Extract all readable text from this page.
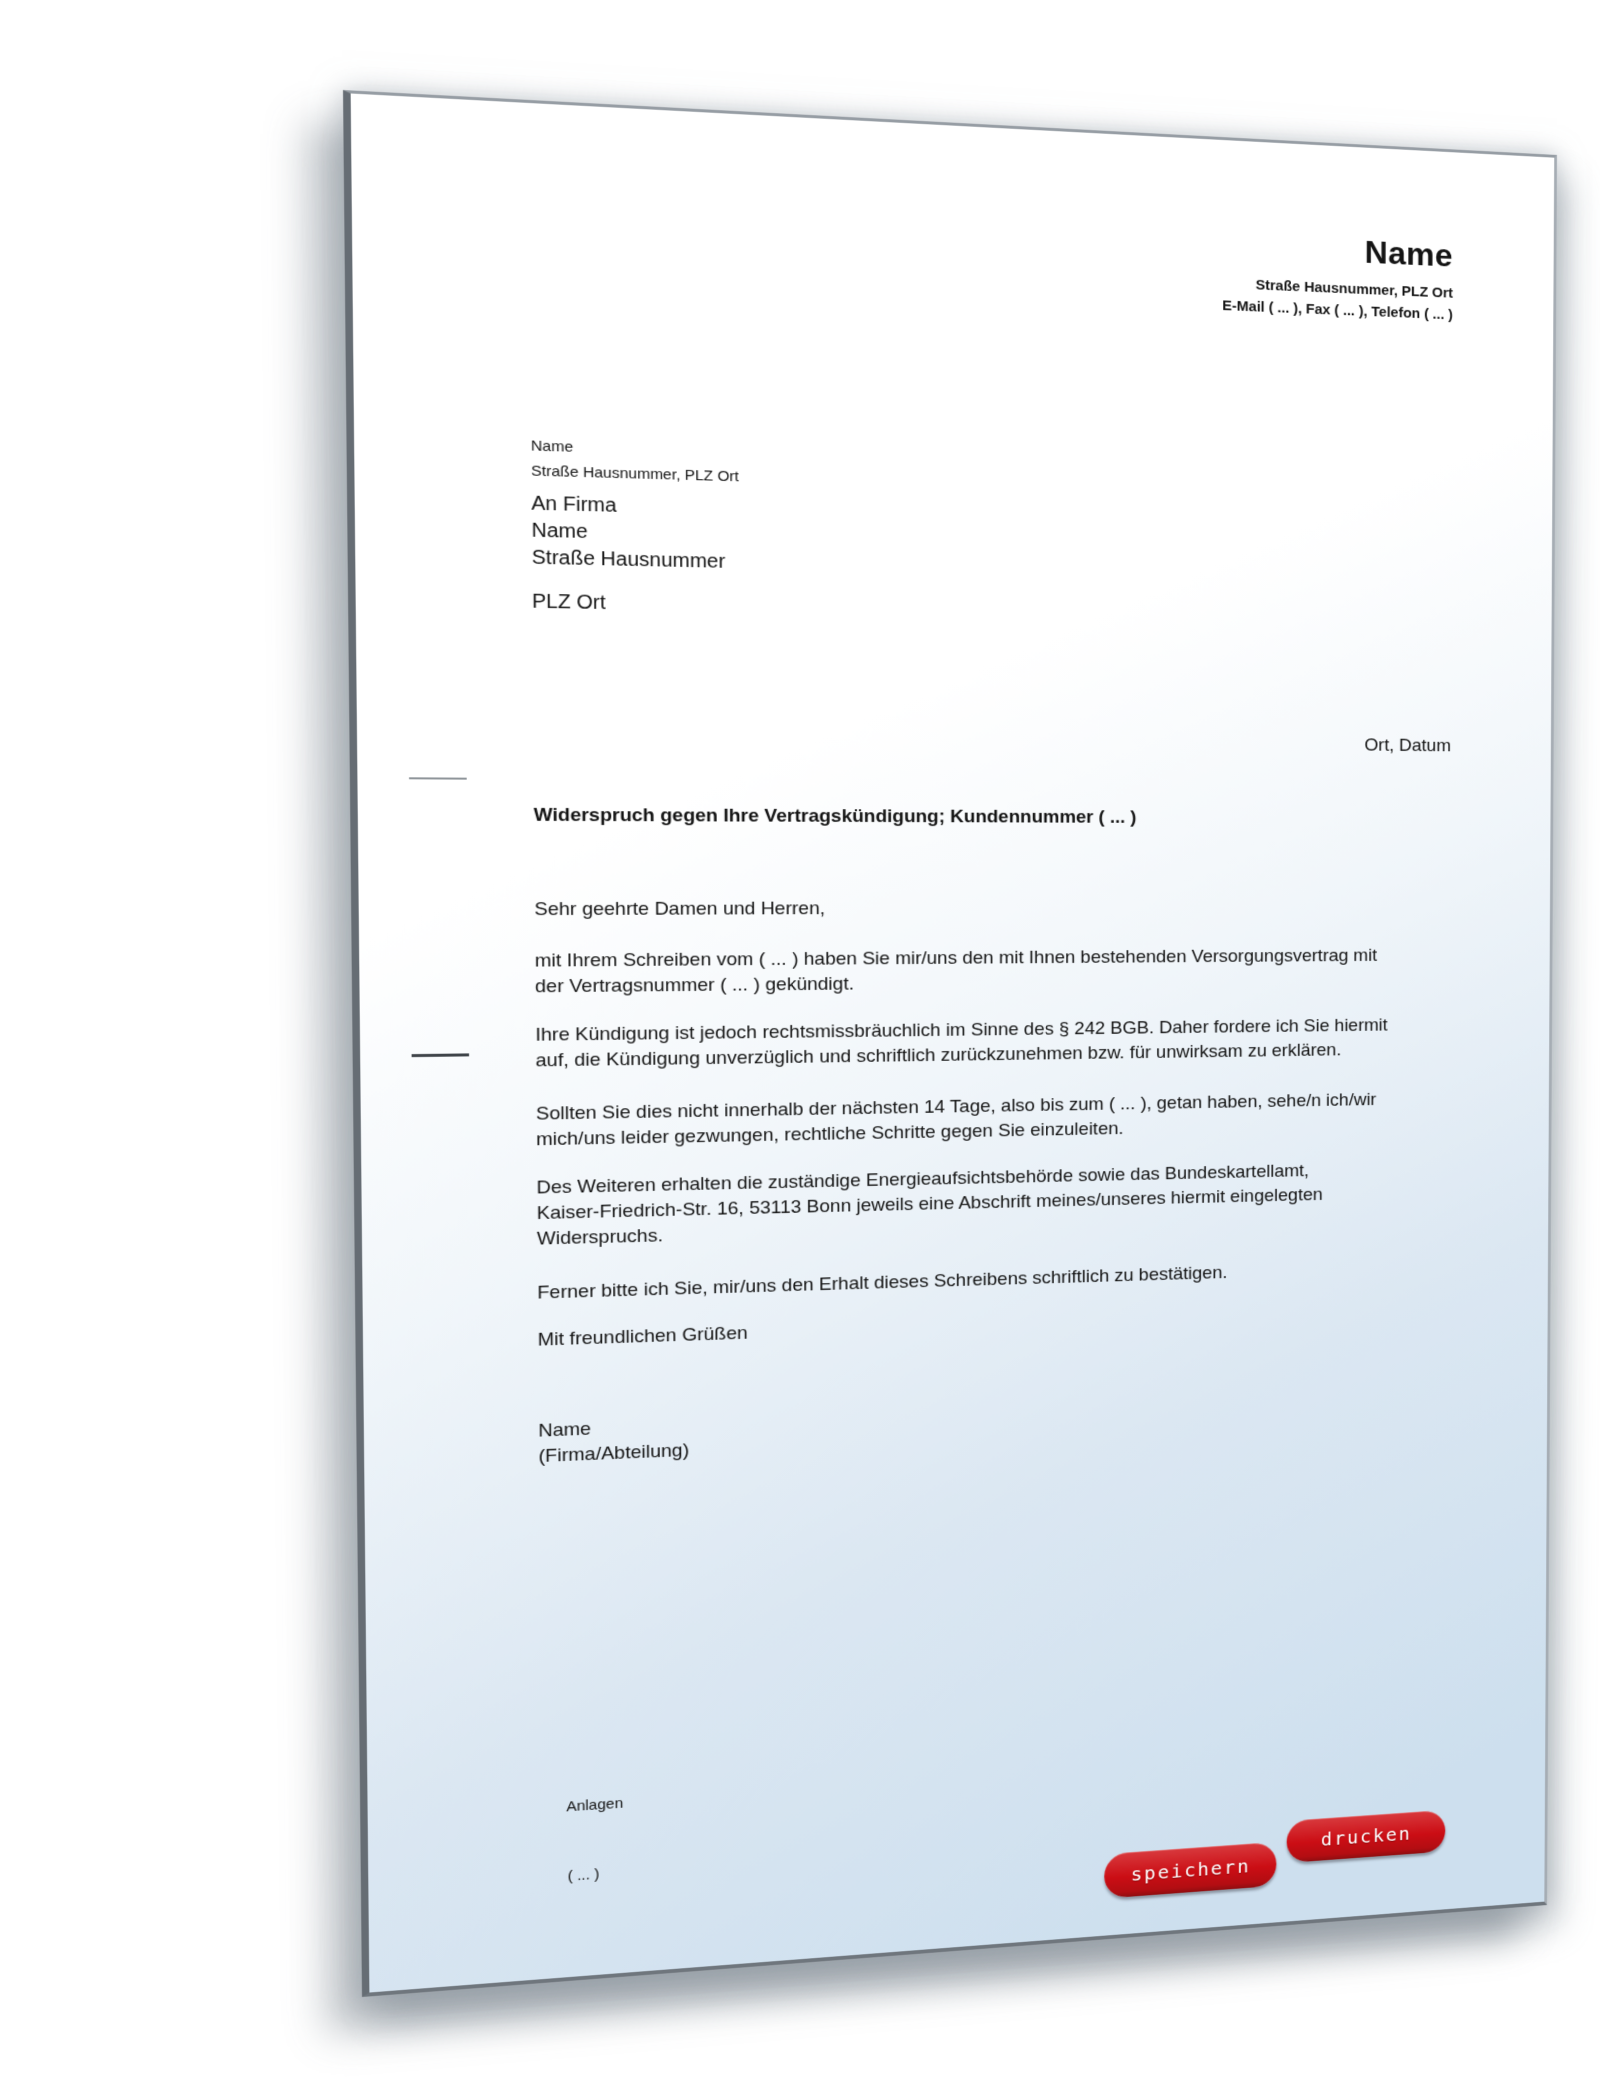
Name
Straße Hausnummer, PLZ Ort
E-Mail ( ... ), Fax ( ... ), Telefon ( ... )
Name
Straße Hausnummer, PLZ Ort
An Firma
Name
Straße Hausnummer
PLZ Ort
Ort, Datum
Widerspruch gegen Ihre Vertragskündigung; Kundennummer ( ... )
Sehr geehrte Damen und Herren,
mit Ihrem Schreiben vom ( ... ) haben Sie mir/uns den mit Ihnen bestehenden Versorgungsvertrag mit
der Vertragsnummer ( ... ) gekündigt.
Ihre Kündigung ist jedoch rechtsmissbräuchlich im Sinne des § 242 BGB. Daher fordere ich Sie hiermit
auf, die Kündigung unverzüglich und schriftlich zurückzunehmen bzw. für unwirksam zu erklären.
Sollten Sie dies nicht innerhalb der nächsten 14 Tage, also bis zum ( ... ), getan haben, sehe/n ich/wir
mich/uns leider gezwungen, rechtliche Schritte gegen Sie einzuleiten.
Des Weiteren erhalten die zuständige Energieaufsichtsbehörde sowie das Bundeskartellamt,
Kaiser-Friedrich-Str. 16, 53113 Bonn jeweils eine Abschrift meines/unseres hiermit eingelegten
Widerspruchs.
Ferner bitte ich Sie, mir/uns den Erhalt dieses Schreibens schriftlich zu bestätigen.
Mit freundlichen Grüßen
Name
(Firma/Abteilung)

Anlagen

( ... )
	speichern
drucken
